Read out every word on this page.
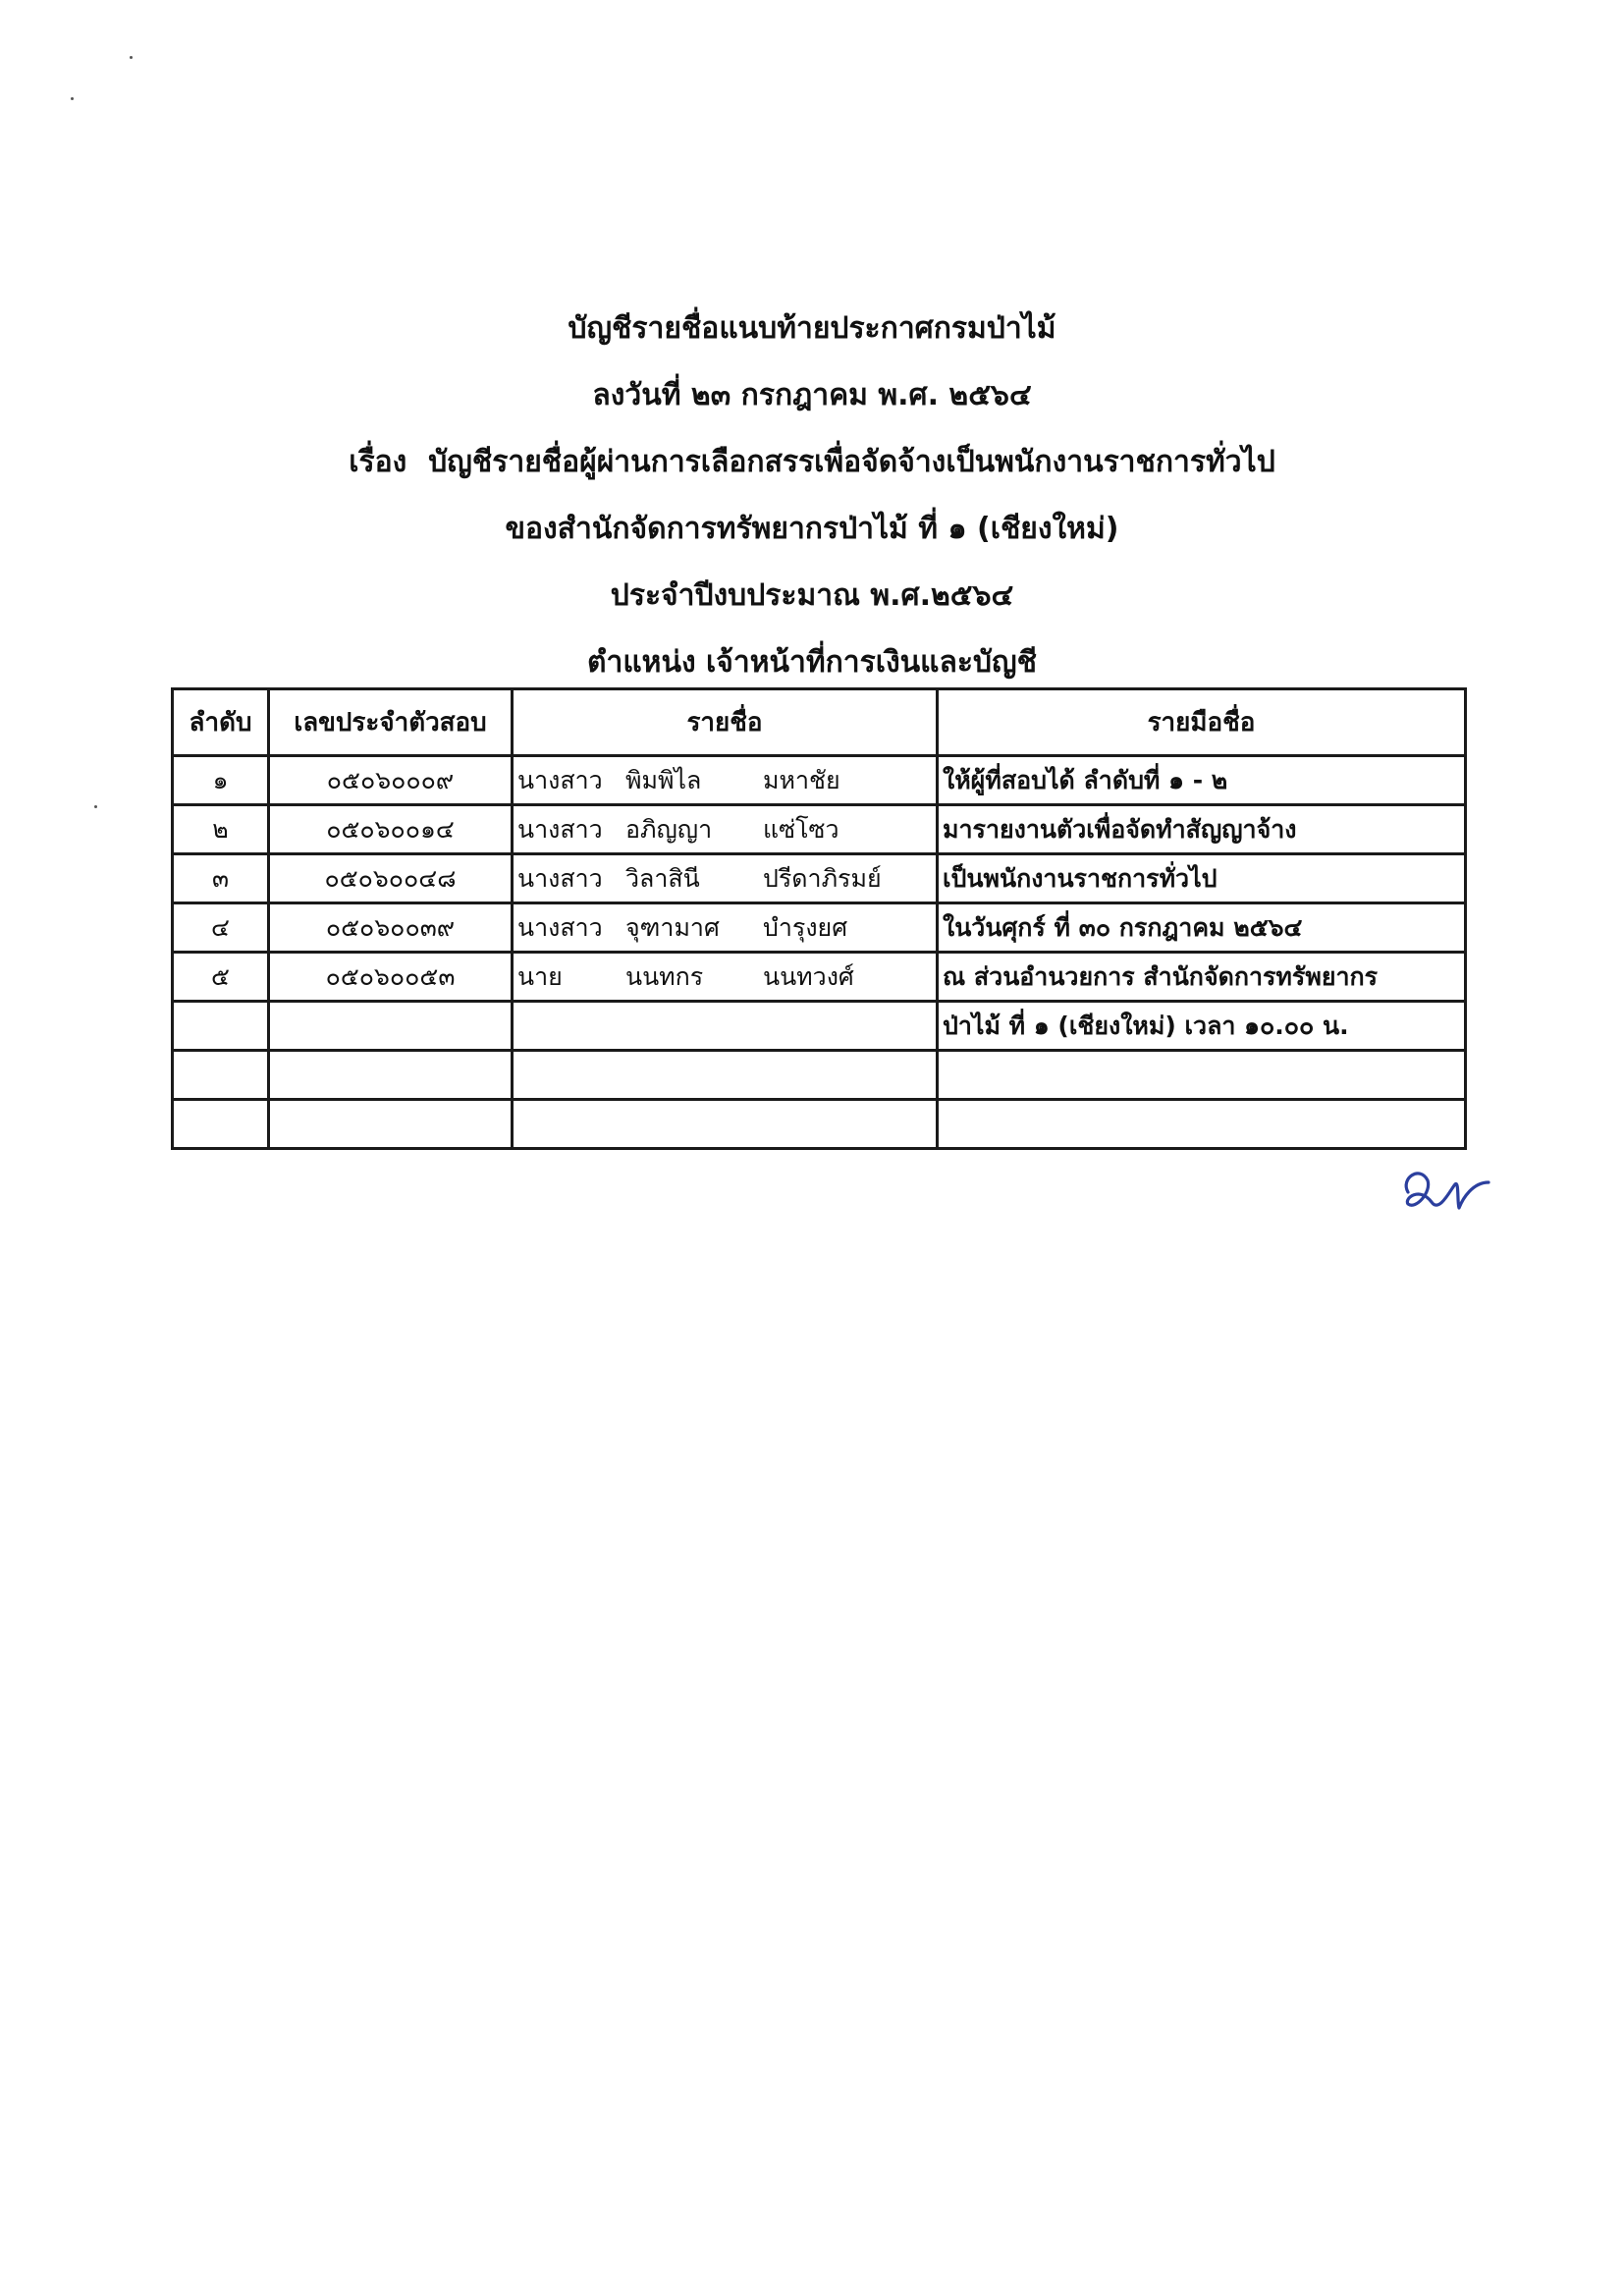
บัญชีรายชื่อแนบท้ายประกาศกรมป่าไม้
ลงวันที่ ๒๓ กรกฎาคม พ.ศ. ๒๕๖๔
เรื่อง บัญชีรายชื่อผู้ผ่านการเลือกสรรเพื่อจัดจ้างเป็นพนักงานราชการทั่วไป
ของสำนักจัดการทรัพยากรป่าไม้ ที่ ๑ (เชียงใหม่)
ประจำปีงบประมาณ พ.ศ.๒๕๖๔
ตำแหน่ง เจ้าหน้าที่การเงินและบัญชี
ลำดับ	เลขประจำตัวสอบ	รายชื่อ	รายมือชื่อ
๑	๐๕๐๖๐๐๐๙	นางสาว พิมพิไล มหาชัย	ให้ผู้ที่สอบได้ ลำดับที่ ๑ - ๒
๒	๐๕๐๖๐๐๑๔	นางสาว อภิญญา แซ่โซว	มารายงานตัวเพื่อจัดทำสัญญาจ้าง
๓	๐๕๐๖๐๐๔๘	นางสาว วิลาสินี ปรีดาภิรมย์	เป็นพนักงานราชการทั่วไป
๔	๐๕๐๖๐๐๓๙	นางสาว จุฑามาศ บำรุงยศ	ในวันศุกร์ ที่ ๓๐ กรกฎาคม ๒๕๖๔
๕	๐๕๐๖๐๐๕๓	นาย นนทกร นนทวงศ์	ณ ส่วนอำนวยการ สำนักจัดการทรัพยากร
			ป่าไม้ ที่ ๑ (เชียงใหม่) เวลา ๑๐.๐๐ น.
